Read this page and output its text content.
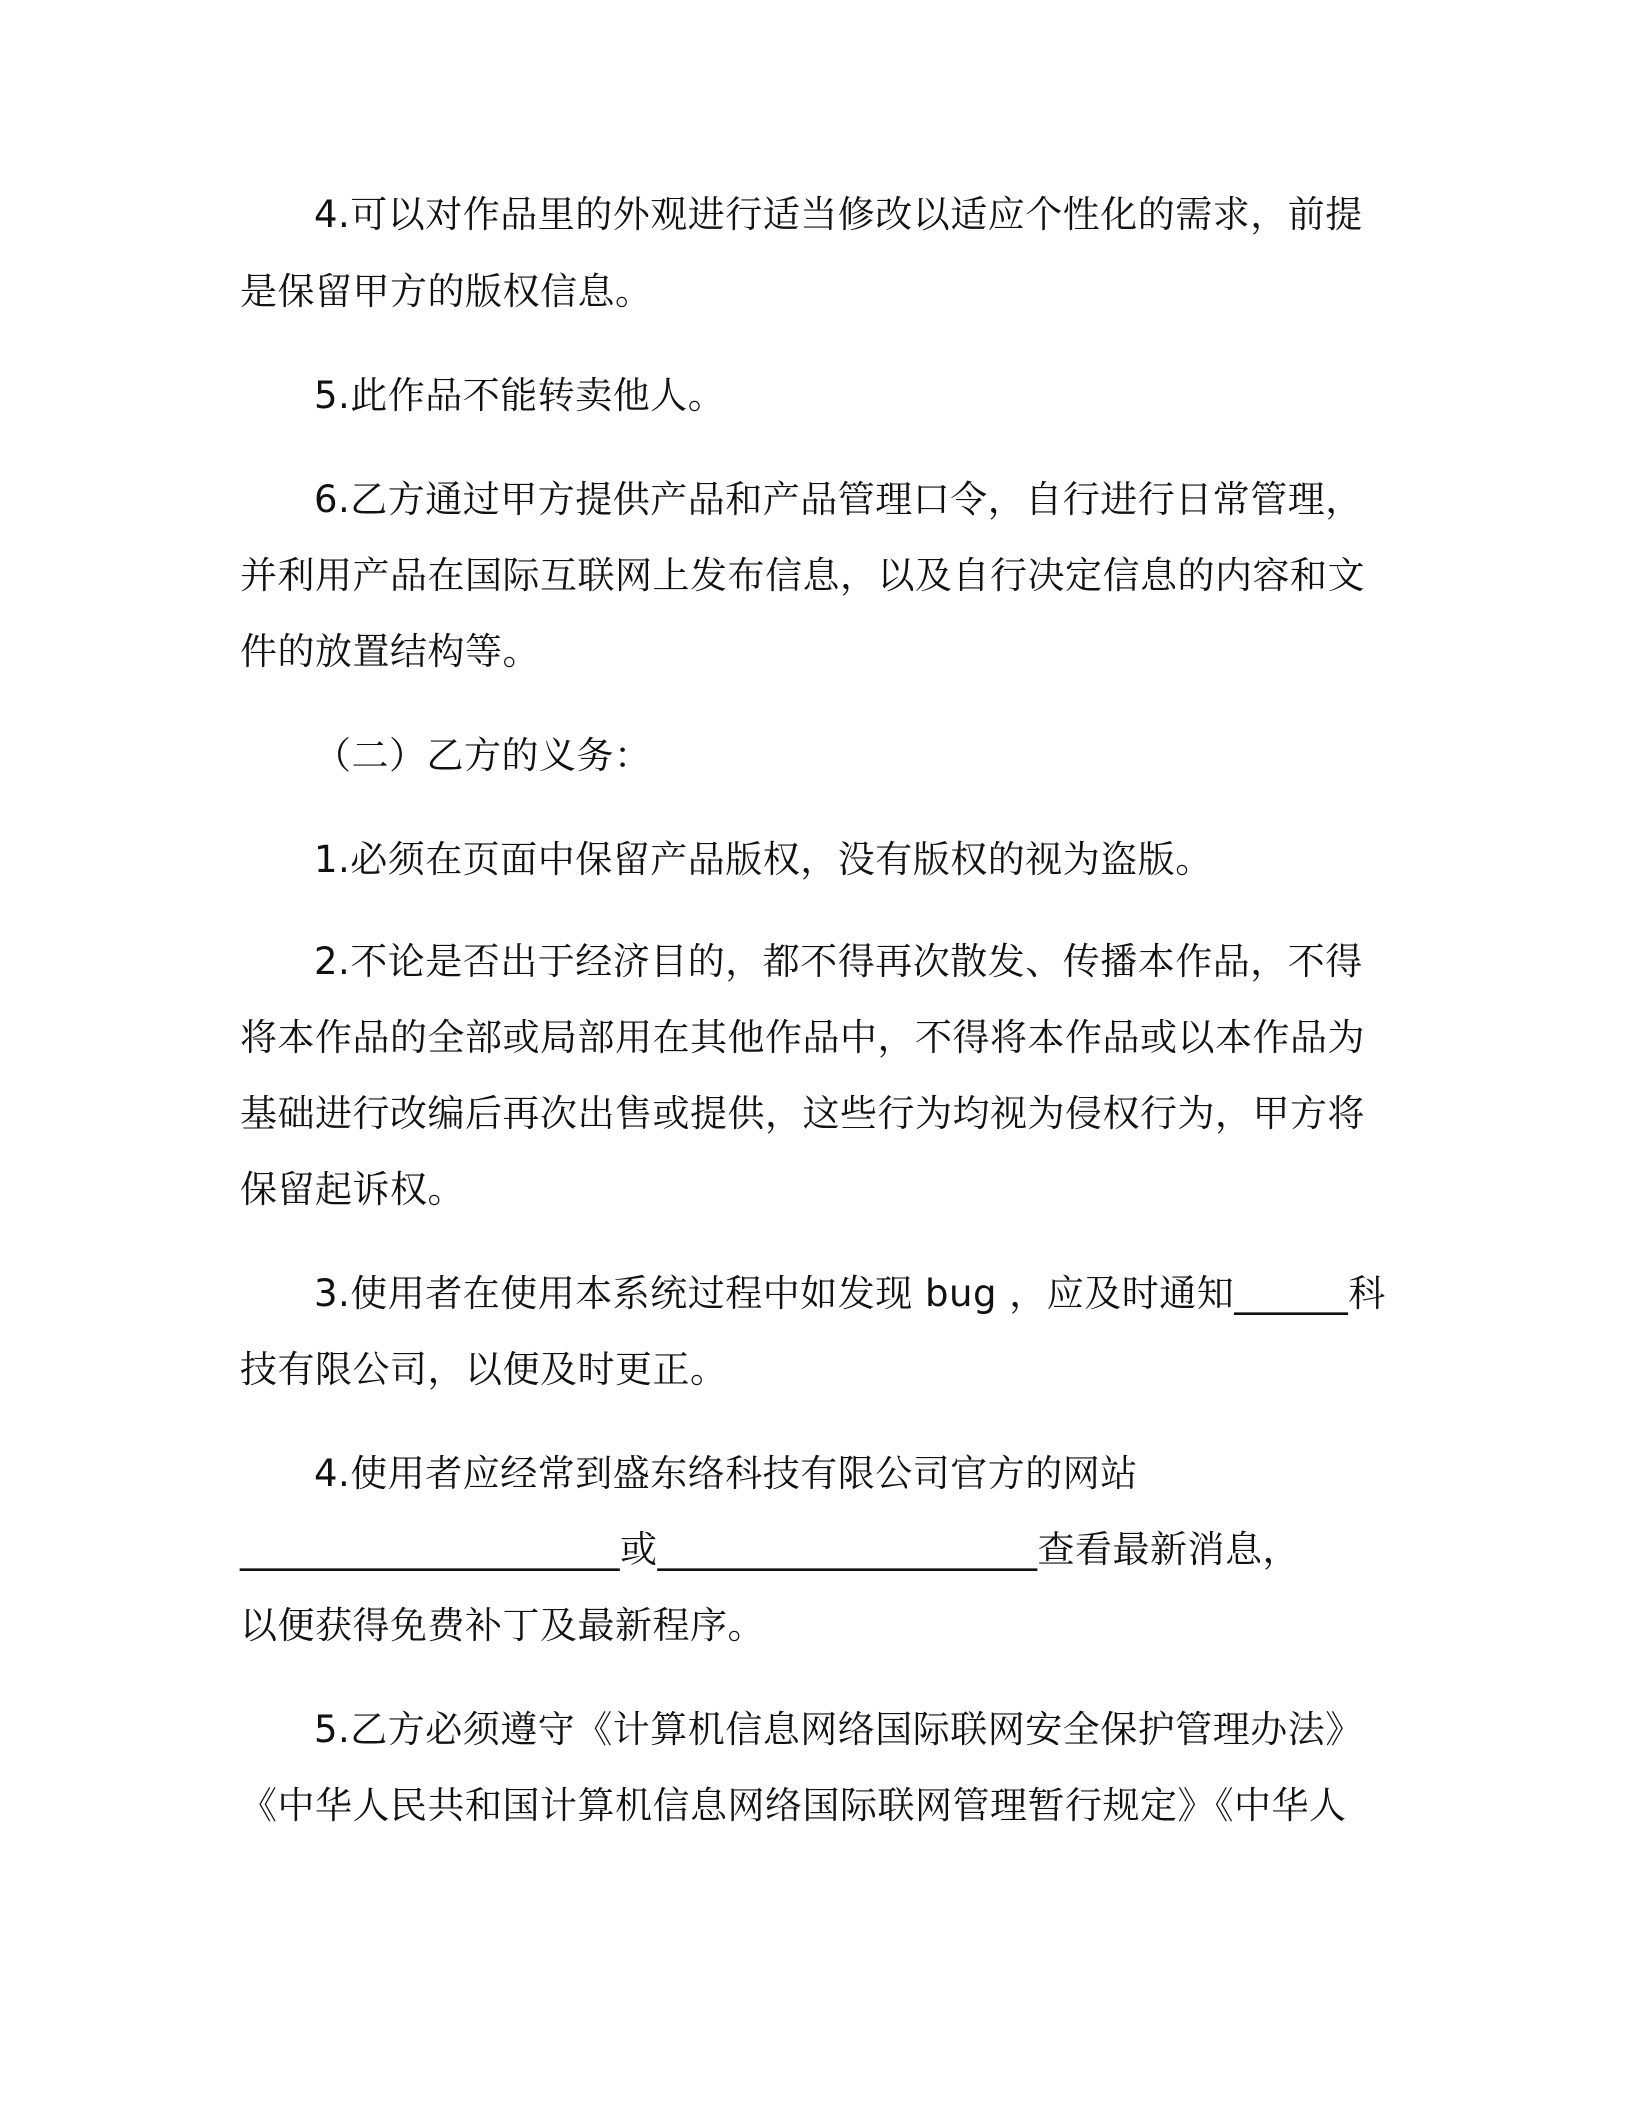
4.可以对作品里的外观进行适当修改以适应个性化的需求，前提
是保留甲方的版权信息。
5.此作品不能转卖他人。
6.乙方通过甲方提供产品和产品管理口令，自行进行日常管理，
并利用产品在国际互联网上发布信息，以及自行决定信息的内容和文
件的放置结构等。
（二）乙方的义务：
1.必须在页面中保留产品版权，没有版权的视为盗版。
2.不论是否出于经济目的，都不得再次散发、传播本作品，不得
将本作品的全部或局部用在其他作品中，不得将本作品或以本作品为
基础进行改编后再次出售或提供，这些行为均视为侵权行为，甲方将
保留起诉权。
3.使用者在使用本系统过程中如发现 bug ，应及时通知______科
技有限公司，以便及时更正。
4.使用者应经常到盛东络科技有限公司官方的网站
____________________或____________________查看最新消息，
以便获得免费补丁及最新程序。
5.乙方必须遵守《计算机信息网络国际联网安全保护管理办法》
《中华人民共和国计算机信息网络国际联网管理暂行规定》《中华人
